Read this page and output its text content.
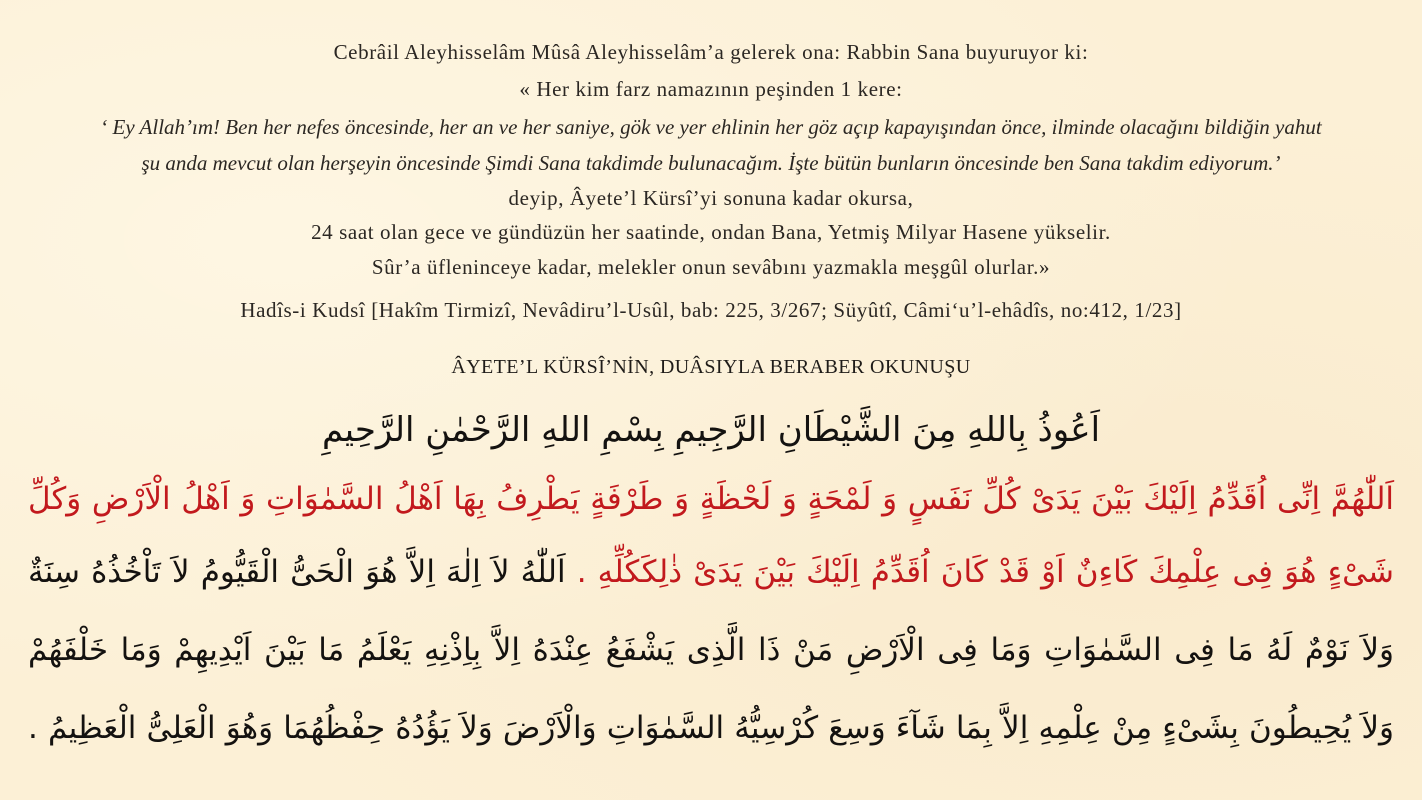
Cebrâil Aleyhisselâm Mûsâ Aleyhisselâm’a gelerek ona: Rabbin Sana buyuruyor ki:
« Her kim farz namazının peşinden 1 kere:
‘ Ey Allah’ım! Ben her nefes öncesinde, her an ve her saniye, gök ve yer ehlinin her göz açıp kapayışından önce, ilminde olacağını bildiğin yahut
şu anda mevcut olan herşeyin öncesinde Şimdi Sana takdimde bulunacağım. İşte bütün bunların öncesinde ben Sana takdim ediyorum.’
deyip, Âyete’l Kürsî’yi sonuna kadar okursa,
24 saat olan gece ve gündüzün her saatinde, ondan Bana, Yetmiş Milyar Hasene yükselir.
Sûr’a üfleninceye kadar, melekler onun sevâbını yazmakla meşgûl olurlar.»
Hadîs-i Kudsî [Hakîm Tirmizî, Nevâdiru’l-Usûl, bab: 225, 3/267; Süyûtî, Câmi‘u’l-ehâdîs, no:412, 1/23]
ÂYETE’L KÜRSÎ’NİN, DUÂSIYLA BERABER OKUNUŞU
اَعُوذُ بِاللهِ مِنَ الشَّيْطَانِ الرَّجِيمِ بِسْمِ اللهِ الرَّحْمٰنِ الرَّحِيمِ
اَللّٰهُمَّ اِنِّى اُقَدِّمُ اِلَيْكَ بَيْنَ يَدَىْ كُلِّ نَفَسٍ وَ لَمْحَةٍ وَ لَحْظَةٍ وَ طَرْفَةٍ يَطْرِفُ بِهَا اَهْلُ السَّمٰوَاتِ وَ اَهْلُ الْاَرْضِ وَكُلِّ
شَىْءٍ هُوَ فِى عِلْمِكَ كَاءِنٌ اَوْ قَدْ كَانَ اُقَدِّمُ اِلَيْكَ بَيْنَ يَدَىْ ذٰلِكَكُلِّهِ . اَللّٰهُ لاَ اِلٰهَ اِلاَّ هُوَ الْحَىُّ الْقَيُّومُ لاَ تَاْخُذُهُ سِنَةٌ
وَلاَ نَوْمٌ لَهُ مَا فِى السَّمٰوَاتِ وَمَا فِى الْاَرْضِ مَنْ ذَا الَّذِى يَشْفَعُ عِنْدَهُ اِلاَّ بِاِذْنِهِ يَعْلَمُ مَا بَيْنَ اَيْدِيهِمْ وَمَا خَلْفَهُمْ
وَلاَ يُحِيطُونَ بِشَىْءٍ مِنْ عِلْمِهِ اِلاَّ بِمَا شَآءَ وَسِعَ كُرْسِيُّهُ السَّمٰوَاتِ وَالْاَرْضَ وَلاَ يَؤُدُهُ حِفْظُهُمَا وَهُوَ الْعَلِىُّ الْعَظِيمُ .
